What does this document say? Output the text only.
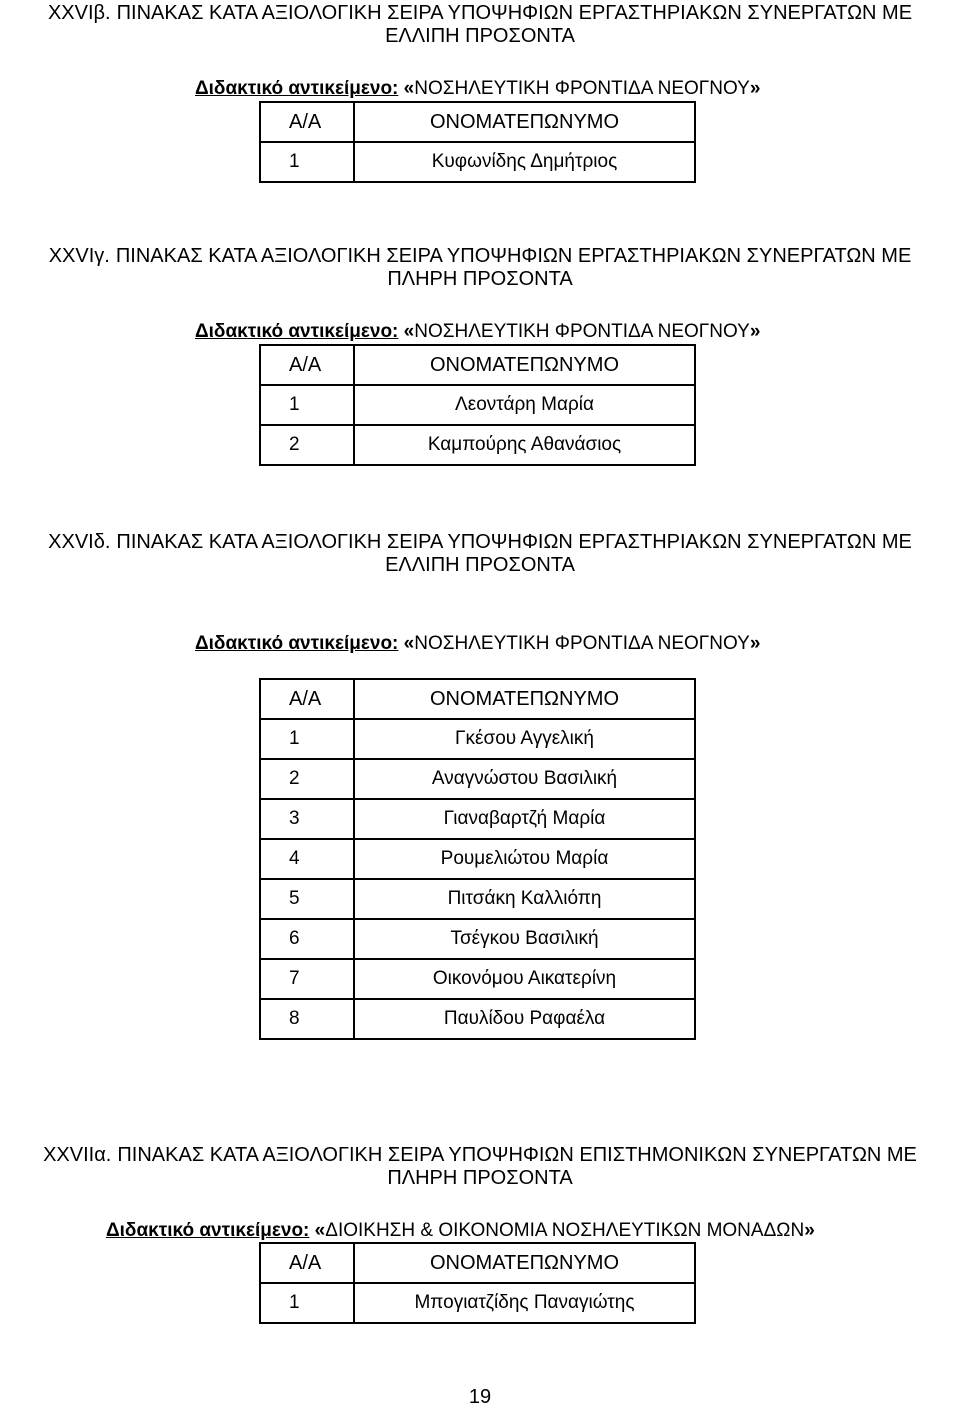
XXVIβ. ΠΙΝΑΚΑΣ ΚΑΤΑ ΑΞΙΟΛΟΓΙΚΗ ΣΕΙΡΑ ΥΠΟΨΗΦΙΩΝ ΕΡΓΑΣΤΗΡΙΑΚΩΝ ΣΥΝΕΡΓΑΤΩΝ ΜΕ
ΕΛΛΙΠΗ ΠΡΟΣΟΝΤΑ

Διδακτικό αντικείμενο: «ΝΟΣΗΛΕΥΤΙΚΗ ΦΡΟΝΤΙΔΑ ΝΕΟΓΝΟΥ»
Α/Α	ΟΝΟΜΑΤΕΠΩΝΥΜΟ
1	Κυφωνίδης Δημήτριος

XXVIγ. ΠΙΝΑΚΑΣ ΚΑΤΑ ΑΞΙΟΛΟΓΙΚΗ ΣΕΙΡΑ ΥΠΟΨΗΦΙΩΝ ΕΡΓΑΣΤΗΡΙΑΚΩΝ ΣΥΝΕΡΓΑΤΩΝ ΜΕ
ΠΛΗΡΗ ΠΡΟΣΟΝΤΑ

Διδακτικό αντικείμενο: «ΝΟΣΗΛΕΥΤΙΚΗ ΦΡΟΝΤΙΔΑ ΝΕΟΓΝΟΥ»
Α/Α	ΟΝΟΜΑΤΕΠΩΝΥΜΟ
1	Λεοντάρη Μαρία
2	Καμπούρης Αθανάσιος

XXVIδ. ΠΙΝΑΚΑΣ ΚΑΤΑ ΑΞΙΟΛΟΓΙΚΗ ΣΕΙΡΑ ΥΠΟΨΗΦΙΩΝ ΕΡΓΑΣΤΗΡΙΑΚΩΝ ΣΥΝΕΡΓΑΤΩΝ ΜΕ
ΕΛΛΙΠΗ ΠΡΟΣΟΝΤΑ

Διδακτικό αντικείμενο: «ΝΟΣΗΛΕΥΤΙΚΗ ΦΡΟΝΤΙΔΑ ΝΕΟΓΝΟΥ»
Α/Α	ΟΝΟΜΑΤΕΠΩΝΥΜΟ
1	Γκέσου Αγγελική
2	Αναγνώστου Βασιλική
3	Γιαναβαρτζή Μαρία
4	Ρουμελιώτου Μαρία
5	Πιτσάκη Καλλιόπη
6	Τσέγκου Βασιλική
7	Οικονόμου Αικατερίνη
8	Παυλίδου Ραφαέλα

XXVIIα. ΠΙΝΑΚΑΣ ΚΑΤΑ ΑΞΙΟΛΟΓΙΚΗ ΣΕΙΡΑ ΥΠΟΨΗΦΙΩΝ ΕΠΙΣΤΗΜΟΝΙΚΩΝ ΣΥΝΕΡΓΑΤΩΝ ΜΕ
ΠΛΗΡΗ ΠΡΟΣΟΝΤΑ

Διδακτικό αντικείμενο: «ΔΙΟΙΚΗΣΗ & ΟΙΚΟΝΟΜΙΑ ΝΟΣΗΛΕΥΤΙΚΩΝ ΜΟΝΑΔΩΝ»
Α/Α	ΟΝΟΜΑΤΕΠΩΝΥΜΟ
1	Μπογιατζίδης Παναγιώτης
19
